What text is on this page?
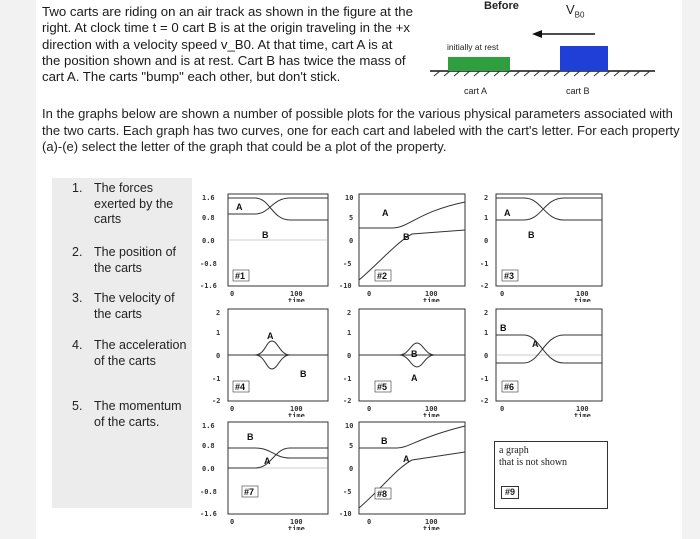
Two carts are riding on an air track as shown in the figure at the right. At clock time t = 0 cart B is at the origin traveling in the +x direction with a velocity speed v_B0. At that time, cart A is at the position shown and is at rest. Cart B has twice the mass of cart A. The carts "bump" each other, but don't stick.
Before	$V_{B0}$
initially at rest
cart A	cart B
In the graphs below are shown a number of possible plots for the various physical parameters associated with the two carts. Each graph has two curves, one for each cart and labeled with the cart's letter. For each property (a)-(e) select the letter of the graph that could be a plot of the property.
1. The forces exerted by the carts
2. The position of the carts
3. The velocity of the carts
4. The acceleration of the carts
5. The momentum of the carts.
1.6
0.8
0.0
-0.8
-1.6
0	100
time
A
B
#1
10
5
0
-5
-10
0	100
time
A
B
#2
2
1
0
-1
-2
0	100
time
A
B
#3
2
1
0
-1
-2
0	100
time
A
B
#4
2
1
0
-1
-2
0	100
time
B
A
#5
2
1
0
-1
-2
0	100
time
B
A
#6
1.6
0.8
0.0
-0.8
-1.6
0	100
time
B
A
#7
10
5
0
-5
-10
0	100
time
B
A
#8
a graph
that is not shown
#9
